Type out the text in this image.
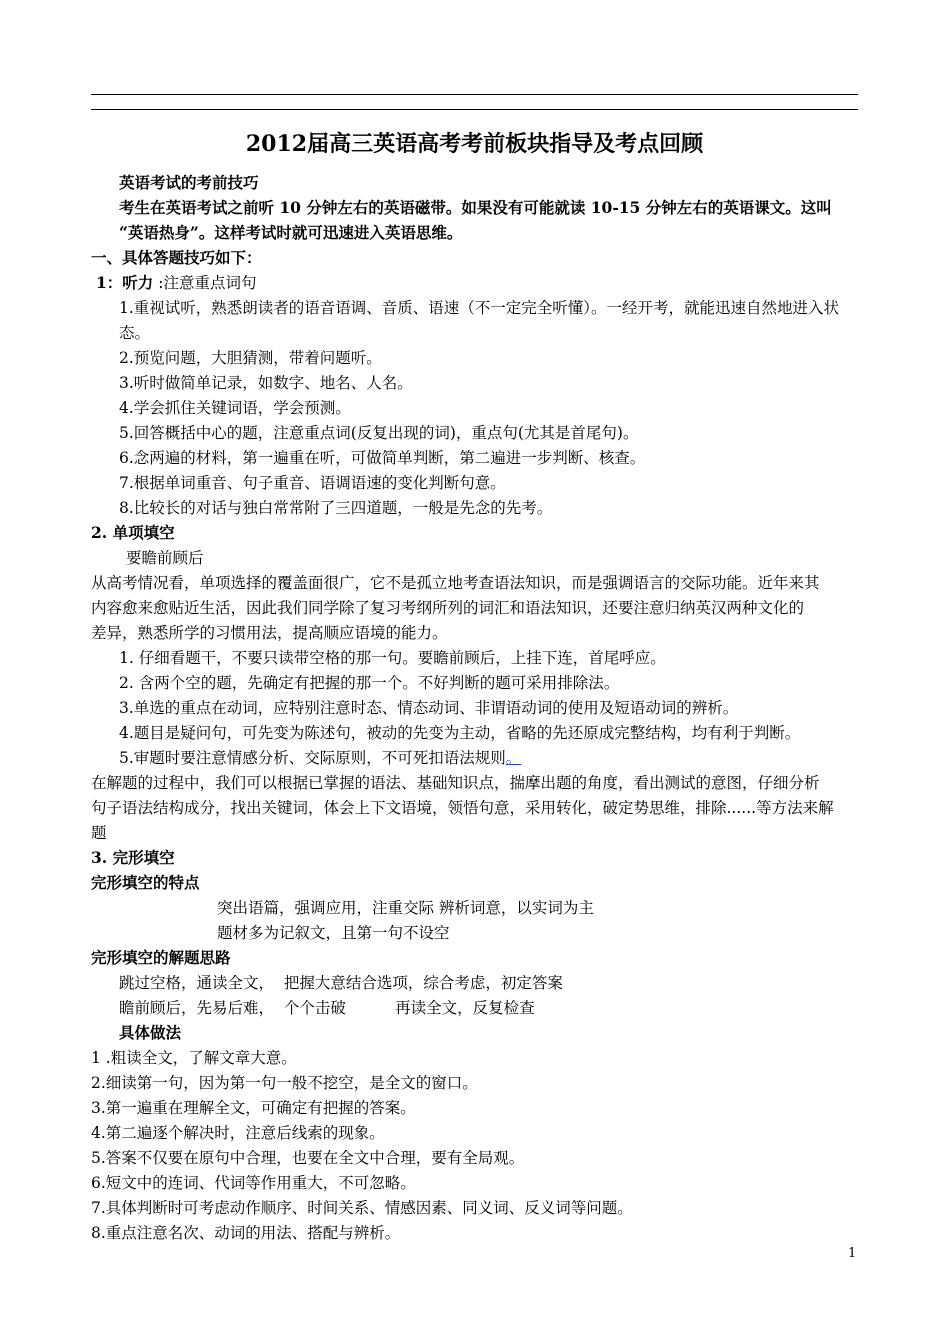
2012届高三英语高考考前板块指导及考点回顾
英语考试的考前技巧
考生在英语考试之前听 10 分钟左右的英语磁带。如果没有可能就读 10-15 分钟左右的英语课文。这叫
“英语热身”。这样考试时就可迅速进入英语思维。
一、具体答题技巧如下：
1：听力 :注意重点词句
1.重视试听，熟悉朗读者的语音语调、音质、语速（不一定完全听懂）。一经开考，就能迅速自然地进入状
态。
2.预览问题，大胆猜测，带着问题听。
3.听时做简单记录，如数字、地名、人名。
4.学会抓住关键词语，学会预测。
5.回答概括中心的题，注意重点词(反复出现的词)，重点句(尤其是首尾句)。
6.念两遍的材料，第一遍重在听，可做简单判断，第二遍进一步判断、核查。
7.根据单词重音、句子重音、语调语速的变化判断句意。
8.比较长的对话与独白常常附了三四道题，一般是先念的先考。
2. 单项填空
要瞻前顾后
从高考情况看，单项选择的覆盖面很广，它不是孤立地考查语法知识，而是强调语言的交际功能。近年来其
内容愈来愈贴近生活，因此我们同学除了复习考纲所列的词汇和语法知识，还要注意归纳英汉两种文化的
差异，熟悉所学的习惯用法，提高顺应语境的能力。
1. 仔细看题干，不要只读带空格的那一句。要瞻前顾后，上挂下连，首尾呼应。
2. 含两个空的题，先确定有把握的那一个。不好判断的题可采用排除法。
3.单选的重点在动词，应特别注意时态、情态动词、非谓语动词的使用及短语动词的辨析。
4.题目是疑问句，可先变为陈述句，被动的先变为主动，省略的先还原成完整结构，均有利于判断。
5.审题时要注意情感分析、交际原则，不可死扣语法规则。
在解题的过程中，我们可以根据已掌握的语法、基础知识点，揣摩出题的角度，看出测试的意图，仔细分析
句子语法结构成分，找出关键词，体会上下文语境，领悟句意，采用转化，破定势思维，排除......等方法来解
题
3. 完形填空
完形填空的特点
突出语篇，强调应用，注重交际 辨析词意，以实词为主
题材多为记叙文，且第一句不设空
完形填空的解题思路
跳过空格，通读全文，  把握大意结合选项，综合考虑，初定答案
瞻前顾后，先易后难，  个个击破          再读全文，反复检查
具体做法
1 .粗读全文，了解文章大意。
2.细读第一句，因为第一句一般不挖空，是全文的窗口。
3.第一遍重在理解全文，可确定有把握的答案。
4.第二遍逐个解决时，注意后线索的现象。
5.答案不仅要在原句中合理，也要在全文中合理，要有全局观。
6.短文中的连词、代词等作用重大，不可忽略。
7.具体判断时可考虑动作顺序、时间关系、情感因素、同义词、反义词等问题。
8.重点注意名次、动词的用法、搭配与辨析。
1
